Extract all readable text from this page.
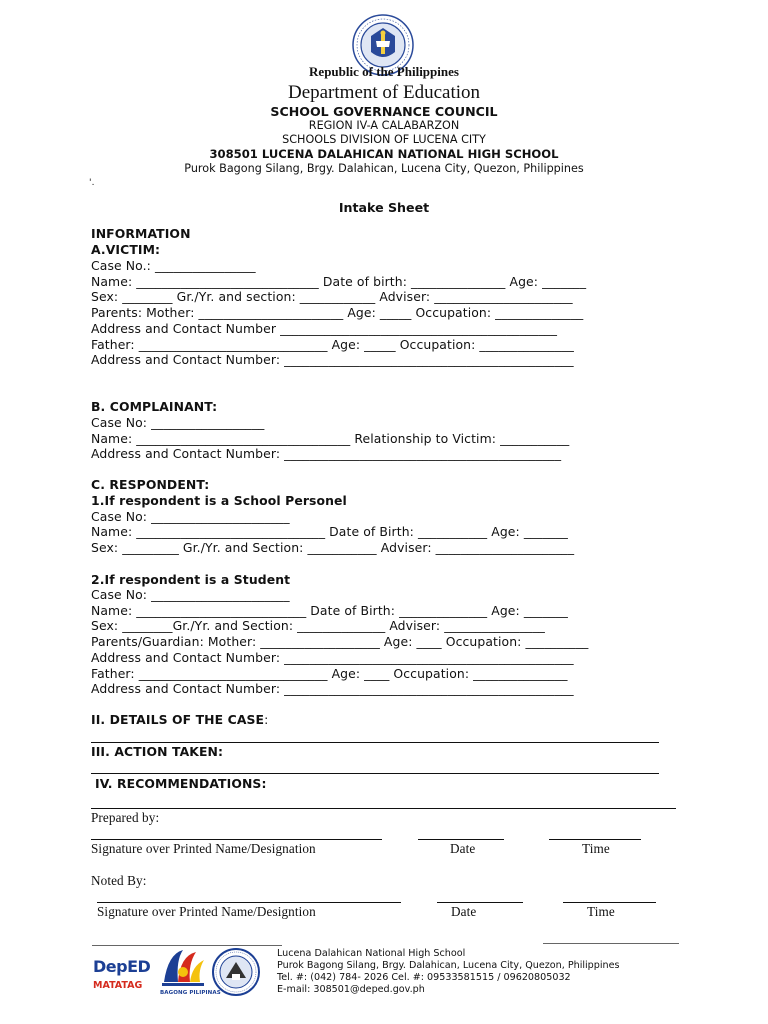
Republic of the Philippines
Department of Education
SCHOOL GOVERNANCE COUNCIL
REGION IV-A CALABARZON
SCHOOLS DIVISION OF LUCENA CITY
308501 LUCENA DALAHICAN NATIONAL HIGH SCHOOL
Purok Bagong Silang, Brgy. Dalahican, Lucena City, Quezon, Philippines
'.
Intake Sheet
INFORMATION
A.VICTIM:
Case No.: ________________
Name: _____________________________ Date of birth: _______________ Age: _______
Sex: ________ Gr./Yr. and section: ____________ Adviser: ______________________
Parents: Mother: _______________________ Age: _____ Occupation: ______________
Address and Contact Number ____________________________________________
Father: ______________________________ Age: _____ Occupation: _______________
Address and Contact Number: ______________________________________________
B. COMPLAINANT:
Case No: __________________
Name: __________________________________ Relationship to Victim: ___________
Address and Contact Number: ____________________________________________
C. RESPONDENT:
1.If respondent is a School Personel
Case No: ______________________
Name: ______________________________ Date of Birth: ___________ Age: _______
Sex: _________ Gr./Yr. and Section: ___________ Adviser: ______________________
2.If respondent is a Student
Case No: ______________________
Name: ___________________________ Date of Birth: ______________ Age: _______
Sex: ________Gr./Yr. and Section: ______________ Adviser: ________________
Parents/Guardian: Mother: ___________________ Age: ____ Occupation: __________
Address and Contact Number: ______________________________________________
Father: ______________________________ Age: ____ Occupation: _______________
Address and Contact Number: ______________________________________________
II. DETAILS OF THE CASE:
III. ACTION TAKEN:
IV. RECOMMENDATIONS:
Prepared by:
Signature over Printed Name/Designation	Date	Time
Noted By:
Signature over Printed Name/Designtion	Date	Time
DepED
MATATAG
BAGONG PILIPINAS
Lucena Dalahican National High School
Purok Bagong Silang, Brgy. Dalahican, Lucena City, Quezon, Philippines
Tel. #: (042) 784- 2026 Cel. #: 09533581515 / 09620805032
E-mail: 308501@deped.gov.ph
